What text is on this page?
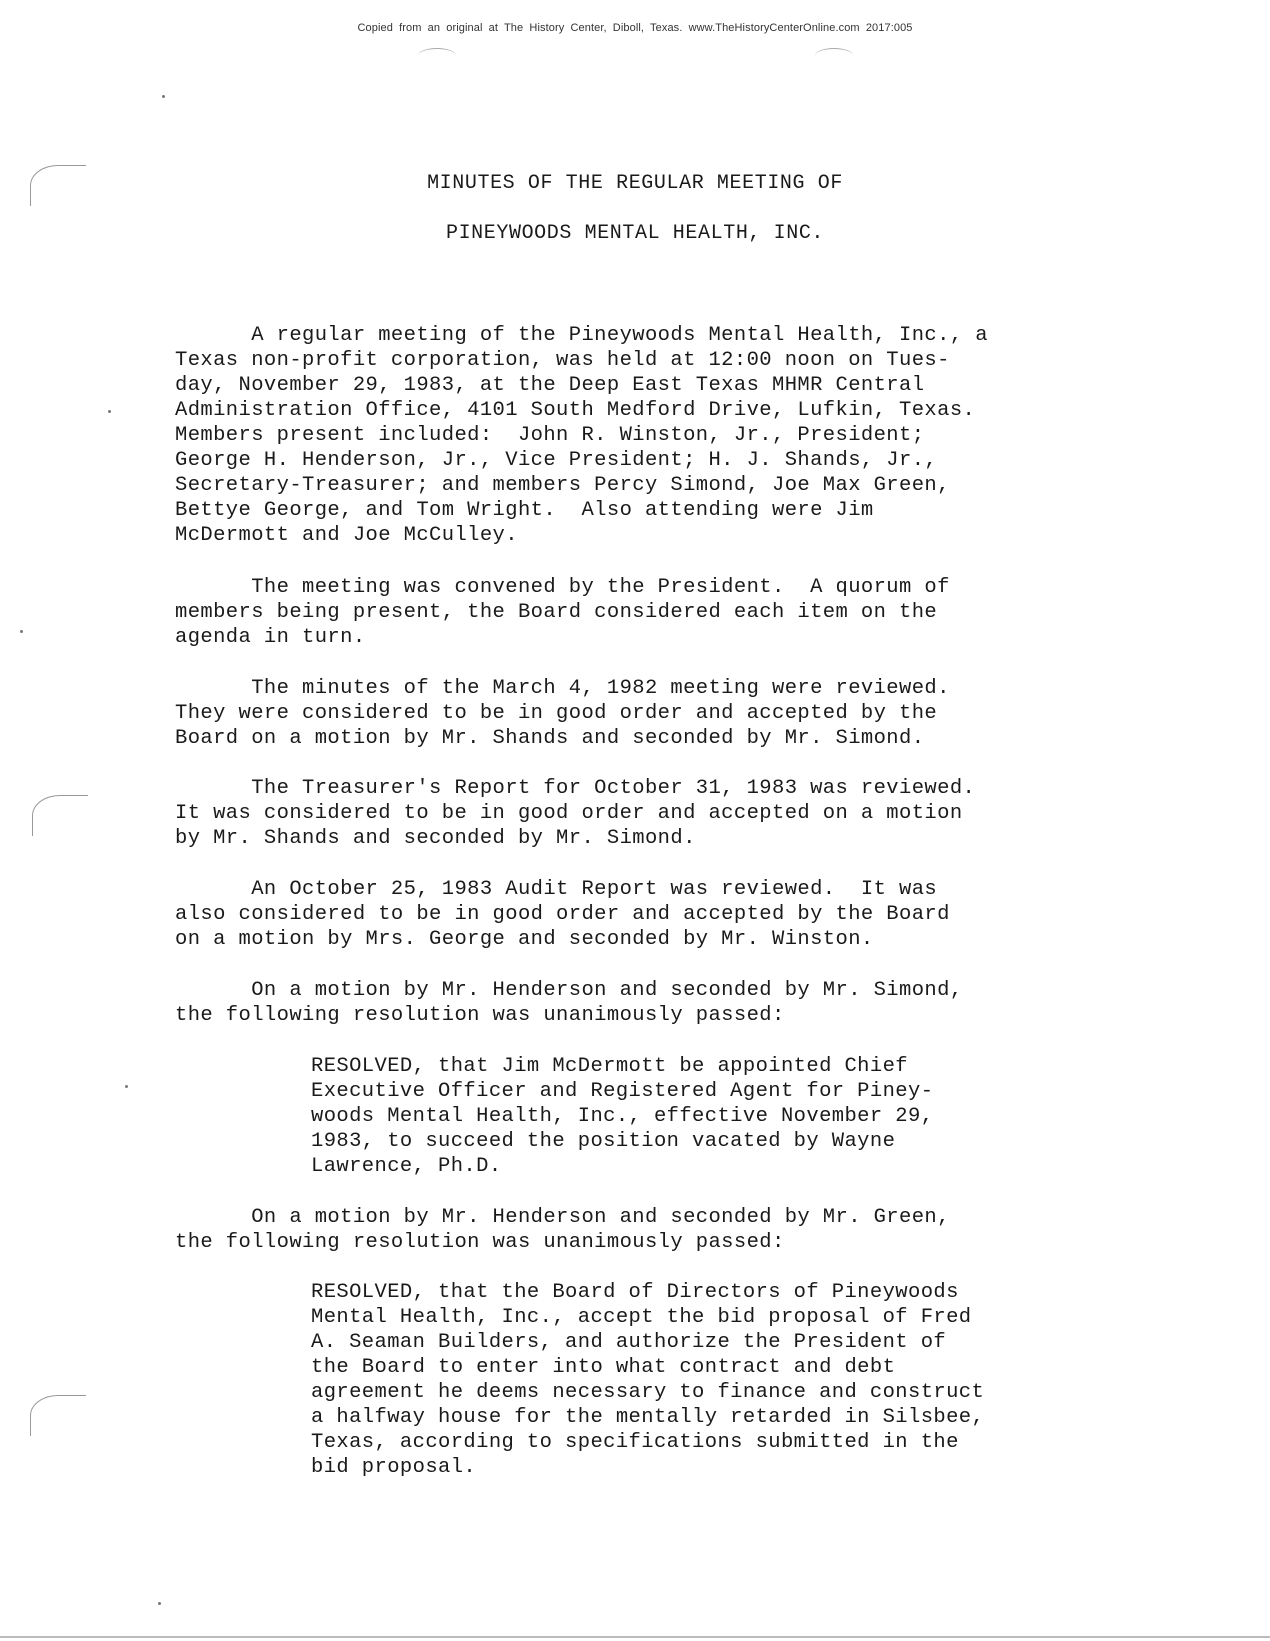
Copied from an original at The History Center, Diboll, Texas. www.TheHistoryCenterOnline.com 2017:005
MINUTES OF THE REGULAR MEETING OF
PINEYWOODS MENTAL HEALTH, INC.
A regular meeting of the Pineywoods Mental Health, Inc., a
Texas non-profit corporation, was held at 12:00 noon on Tues-
day, November 29, 1983, at the Deep East Texas MHMR Central
Administration Office, 4101 South Medford Drive, Lufkin, Texas.
Members present included:  John R. Winston, Jr., President;
George H. Henderson, Jr., Vice President; H. J. Shands, Jr.,
Secretary-Treasurer; and members Percy Simond, Joe Max Green,
Bettye George, and Tom Wright.  Also attending were Jim
McDermott and Joe McCulley.
The meeting was convened by the President.  A quorum of
members being present, the Board considered each item on the
agenda in turn.
The minutes of the March 4, 1982 meeting were reviewed.
They were considered to be in good order and accepted by the
Board on a motion by Mr. Shands and seconded by Mr. Simond.
The Treasurer's Report for October 31, 1983 was reviewed.
It was considered to be in good order and accepted on a motion
by Mr. Shands and seconded by Mr. Simond.
An October 25, 1983 Audit Report was reviewed.  It was
also considered to be in good order and accepted by the Board
on a motion by Mrs. George and seconded by Mr. Winston.
On a motion by Mr. Henderson and seconded by Mr. Simond,
the following resolution was unanimously passed:
RESOLVED, that Jim McDermott be appointed Chief
Executive Officer and Registered Agent for Piney-
woods Mental Health, Inc., effective November 29,
1983, to succeed the position vacated by Wayne
Lawrence, Ph.D.
On a motion by Mr. Henderson and seconded by Mr. Green,
the following resolution was unanimously passed:
RESOLVED, that the Board of Directors of Pineywoods
Mental Health, Inc., accept the bid proposal of Fred
A. Seaman Builders, and authorize the President of
the Board to enter into what contract and debt
agreement he deems necessary to finance and construct
a halfway house for the mentally retarded in Silsbee,
Texas, according to specifications submitted in the
bid proposal.
